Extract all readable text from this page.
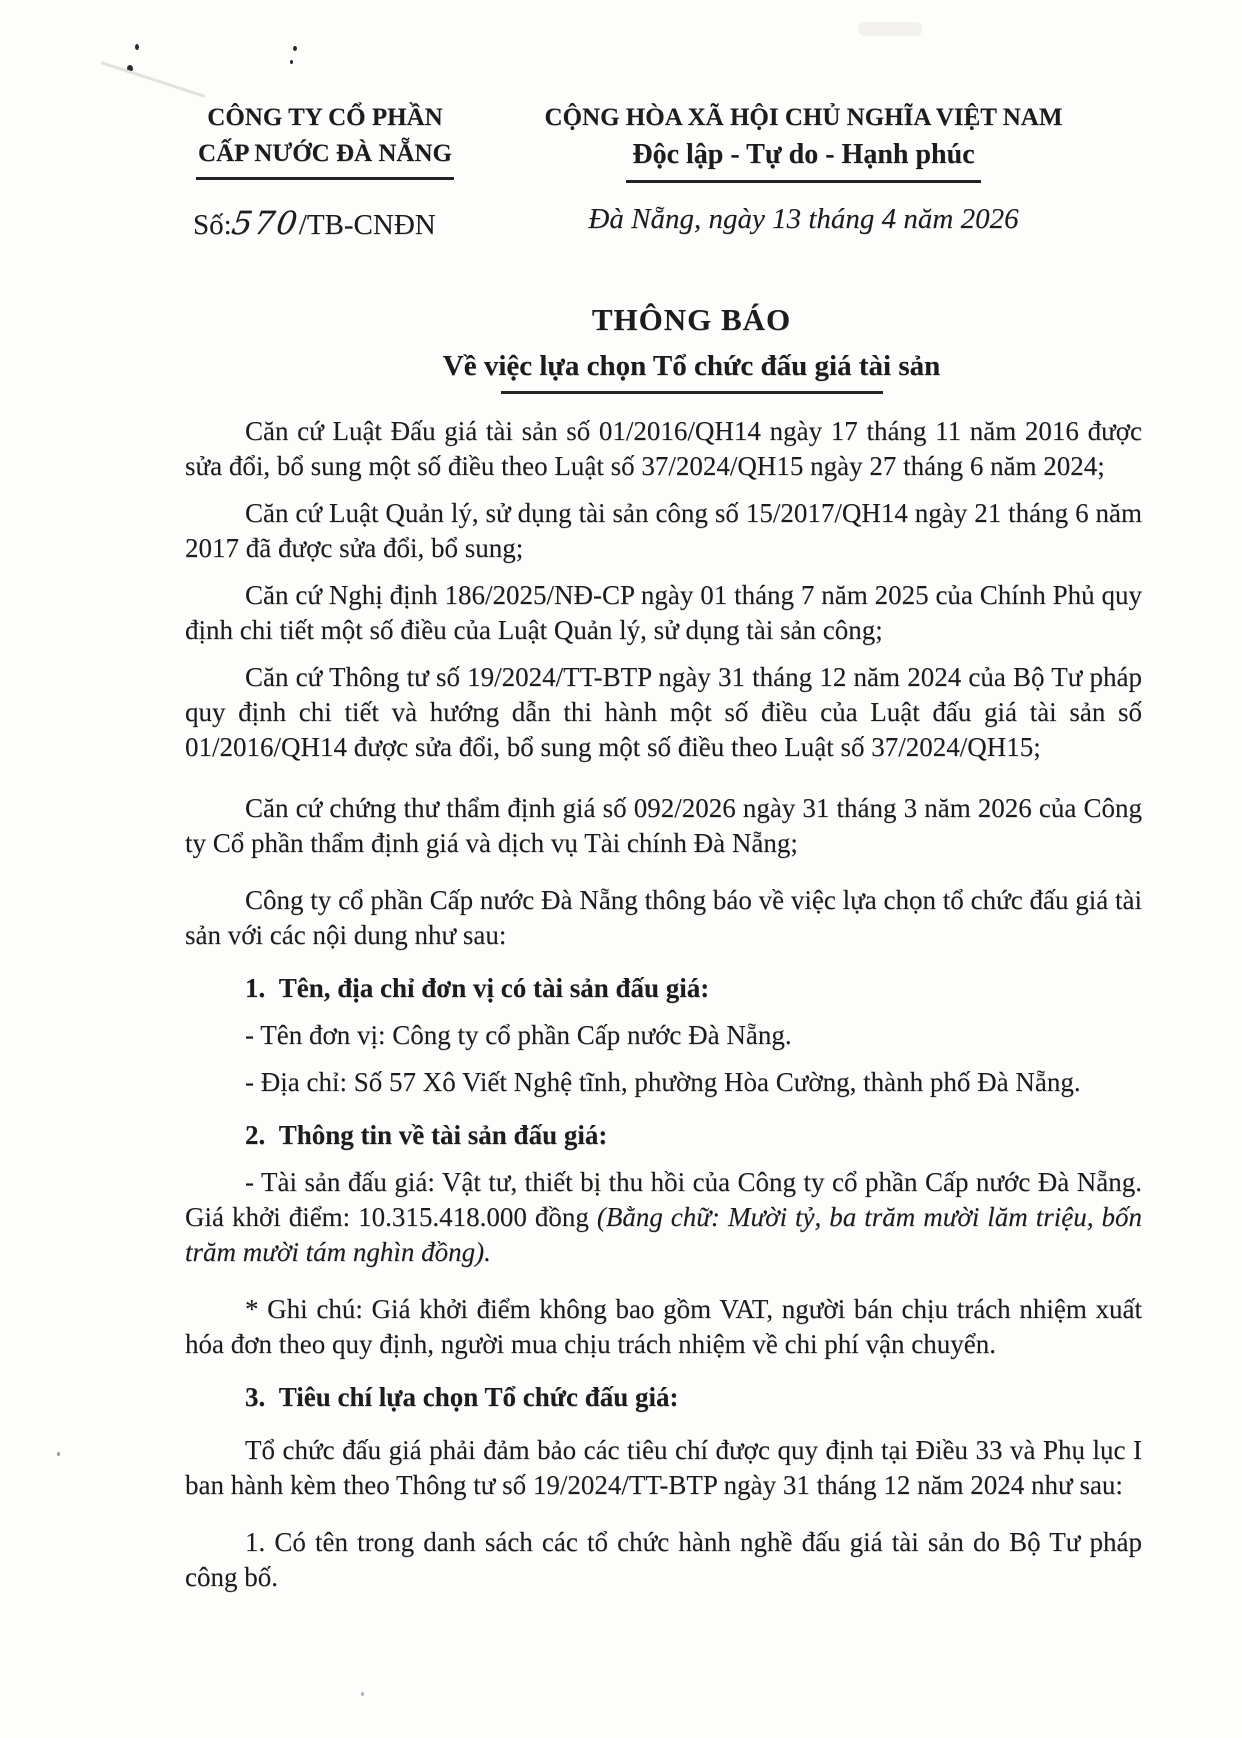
CÔNG TY CỔ PHẦN
CẤP NƯỚC ĐÀ NẴNG
Số:570/TB-CNĐN
CỘNG HÒA XÃ HỘI CHỦ NGHĨA VIỆT NAM
Độc lập - Tự do - Hạnh phúc
Đà Nẵng, ngày 13 tháng 4 năm 2026
THÔNG BÁO
Về việc lựa chọn Tổ chức đấu giá tài sản

Căn cứ Luật Đấu giá tài sản số 01/2016/QH14 ngày 17 tháng 11 năm 2016 được sửa đổi, bổ sung một số điều theo Luật số 37/2024/QH15 ngày 27 tháng 6 năm 2024;

Căn cứ Luật Quản lý, sử dụng tài sản công số 15/2017/QH14 ngày 21 tháng 6 năm 2017 đã được sửa đổi, bổ sung;

Căn cứ Nghị định 186/2025/NĐ-CP ngày 01 tháng 7 năm 2025 của Chính Phủ quy định chi tiết một số điều của Luật Quản lý, sử dụng tài sản công;

Căn cứ Thông tư số 19/2024/TT-BTP ngày 31 tháng 12 năm 2024 của Bộ Tư pháp quy định chi tiết và hướng dẫn thi hành một số điều của Luật đấu giá tài sản số 01/2016/QH14 được sửa đổi, bổ sung một số điều theo Luật số 37/2024/QH15;

Căn cứ chứng thư thẩm định giá số 092/2026 ngày 31 tháng 3 năm 2026 của Công ty Cổ phần thẩm định giá và dịch vụ Tài chính Đà Nẵng;

Công ty cổ phần Cấp nước Đà Nẵng thông báo về việc lựa chọn tổ chức đấu giá tài sản với các nội dung như sau:

1.  Tên, địa chỉ đơn vị có tài sản đấu giá:

- Tên đơn vị: Công ty cổ phần Cấp nước Đà Nẵng.

- Địa chỉ: Số 57 Xô Viết Nghệ tĩnh, phường Hòa Cường, thành phố Đà Nẵng.

2.  Thông tin về tài sản đấu giá:

- Tài sản đấu giá: Vật tư, thiết bị thu hồi của Công ty cổ phần Cấp nước Đà Nẵng. Giá khởi điểm: 10.315.418.000 đồng (Bằng chữ: Mười tỷ, ba trăm mười lăm triệu, bốn trăm mười tám nghìn đồng).

* Ghi chú: Giá khởi điểm không bao gồm VAT, người bán chịu trách nhiệm xuất hóa đơn theo quy định, người mua chịu trách nhiệm về chi phí vận chuyển.

3.  Tiêu chí lựa chọn Tổ chức đấu giá:

Tổ chức đấu giá phải đảm bảo các tiêu chí được quy định tại Điều 33 và Phụ lục I ban hành kèm theo Thông tư số 19/2024/TT-BTP ngày 31 tháng 12 năm 2024 như sau:

1. Có tên trong danh sách các tổ chức hành nghề đấu giá tài sản do Bộ Tư pháp công bố.
